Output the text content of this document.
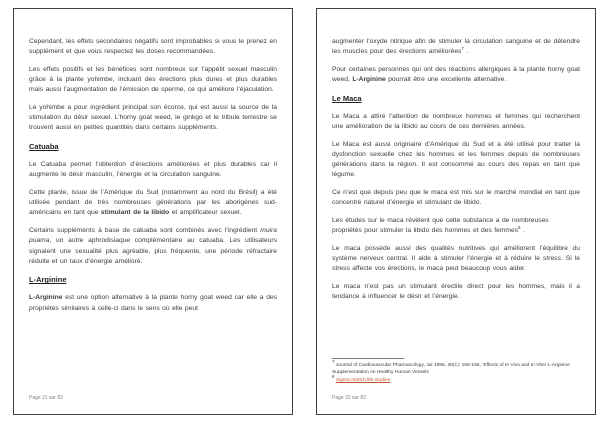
Cependant, les effets secondaires négatifs sont improbables si vous le prenez en supplément et que vous respectez les doses recommandées.
Les effets positifs et les bénéfices sont nombreux sur l’appétit sexuel masculin grâce à la plante yohimbe, incluant des érections plus dures et plus durables mais aussi l’augmentation de l’émission de sperme, ce qui améliore l’éjaculation.
Le yohimbe a pour ingrédient principal son écorce, qui est aussi la source de la stimulation du désir sexuel. L’horny goat weed, le ginkgo et le tribule terrestre se trouvent aussi en petites quantités dans certains suppléments.
Catuaba
Le Catuaba permet l’obtention d’érections améliorées et plus durables car il augmente le désir masculin, l’énergie et la circulation sanguine.
Cette plante, issue de l’Amérique du Sud (notamment au nord du Brésil) a été utilisée pendant de très nombreuses générations par les aborigènes sud-américains en tant que stimulant de la libido et amplificateur sexuel.
Certains suppléments à base de catuaba sont combinés avec l’ingrédient muira puama, un autre aphrodisiaque complémentaire au catuaba. Les utilisateurs signalent une sexualité plus agréable, plus fréquente, une période réfractaire réduite et un taux d’énergie amélioré.
L-Arginine
L-Arginine est une option alternative à la plante horny goat weed car elle a des propriétés similaires à celle-ci dans le sens où elle peut
Page 21 sur 83
augmenter l’oxyde nitrique afin de stimuler la circulation sanguine et de détendre les muscles pour des érections améliorées$^7$ .
Pour certaines personnes qui ont des réactions allergiques à la plante horny goat weed, L-Arginine pourrait être une excellente alternative.
Le Maca
Le Maca a attiré l’attention de nombreux hommes et femmes qui recherchent une amélioration de la libido au cours de ces dernières années.
Le Maca est aussi originaire d’Amérique du Sud et a été utilisé pour traiter la dysfonction sexuelle chez les hommes et les femmes depuis de nombreuses générations dans la région. Il est consommé au cours des repas en tant que légume.
Ce n’est que depuis peu que le maca est mis sur le marché mondial en tant que concentré naturel d’énergie et stimulant de libido.
Les études sur le maca révèlent que cette substance a de nombreuses propriétés pour stimuler la libido des hommes et des femmes$^8$ .
Le maca possède aussi des qualités nutritives qui améliorent l’équilibre du système nerveux central. Il aide à stimuler l’énergie et à réduire le stress. Si le stress affecte vos érections, le maca peut beaucoup vous aider.
Le maca n’est pas un stimulant érectile direct pour les hommes, mais il a tendance à influencer le désir et l’énergie.
$^7$ Journal of Cardiovascular Pharmacology, Jul 1996, 28(1): 158-166, ‘Effects of In Vivo and In Vitro L-Arginine Supplementation on Healthy Human Vessels
$^8$ Sigma Aldrich life studies
Page 22 sur 83
